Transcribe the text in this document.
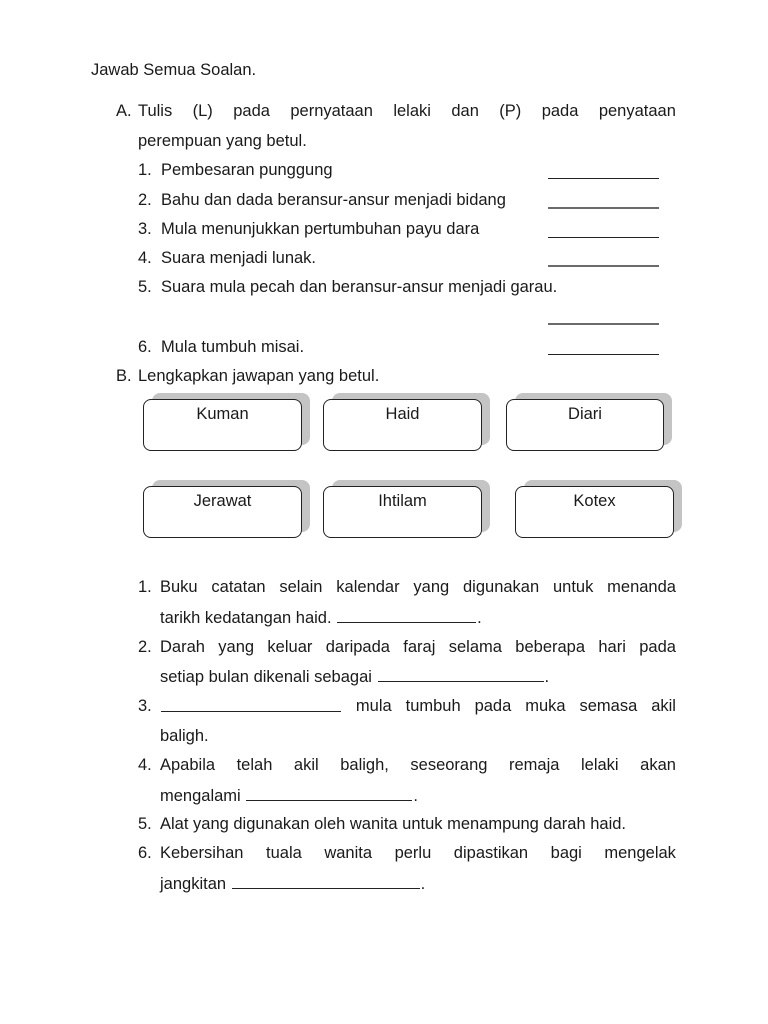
Jawab Semua Soalan.
A. Tulis (L) pada pernyataan lelaki dan (P) pada penyataan
perempuan yang betul.
1. Pembesaran punggung
2. Bahu dan dada beransur-ansur menjadi bidang
3. Mula menunjukkan pertumbuhan payu dara
4. Suara menjadi lunak.
5. Suara mula pecah dan beransur-ansur menjadi garau.
6. Mula tumbuh misai.
B. Lengkapkan jawapan yang betul.
Kuman	Haid	Diari
Jerawat	Ihtilam	Kotex
1. Buku catatan selain kalendar yang digunakan untuk menanda
tarikh kedatangan haid.	.
2. Darah yang keluar daripada faraj selama beberapa hari pada
setiap bulan dikenali sebagai	.
3.	mula tumbuh pada muka semasa akil
baligh.
4. Apabila telah akil baligh, seseorang remaja lelaki akan
mengalami	.
5. Alat yang digunakan oleh wanita untuk menampung darah haid.
6. Kebersihan tuala wanita perlu dipastikan bagi mengelak
jangkitan	.
